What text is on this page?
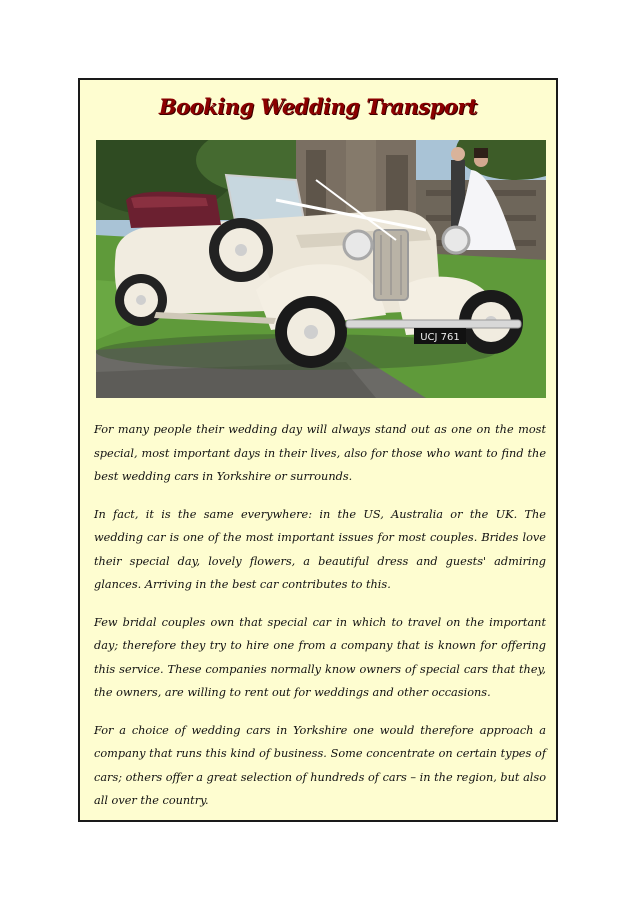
Booking Wedding Transport
UCJ 761

For many people their wedding day will always stand out as one on the most special, most important days in their lives, also for those who want to find the best wedding cars in Yorkshire or surrounds.

In fact, it is the same everywhere: in the US, Australia or the UK. The wedding car is one of the most important issues for most couples. Brides love their special day, lovely flowers, a beautiful dress and guests' admiring glances. Arriving in the best car contributes to this.

Few bridal couples own that special car in which to travel on the important day; therefore they try to hire one from a company that is known for offering this service. These companies normally know owners of special cars that they, the owners, are willing to rent out for weddings and other occasions.

For a choice of wedding cars in Yorkshire one would therefore approach a company that runs this kind of business. Some concentrate on certain types of cars; others offer a great selection of hundreds of cars – in the region, but also all over the country.
